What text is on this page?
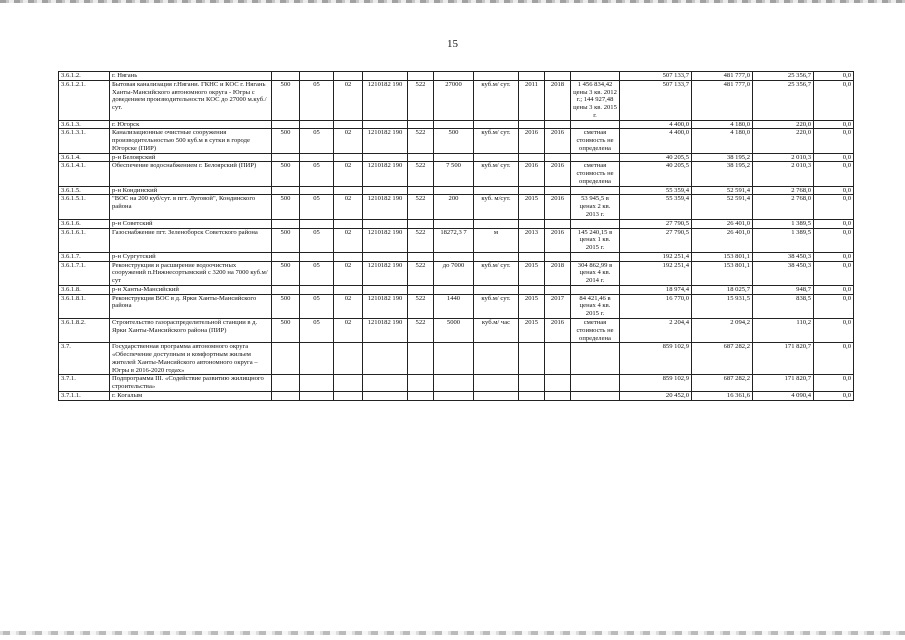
15
3.6.1.2.	г. Нягань											507 133,7	481 777,0	25 356,7	0,0
3.6.1.2.1.	Бытовая канализация г.Нягани. ГКНС и КОС г. Нягань Ханты-Мансийского автономного округа - Югры с доведением производительности КОС до 27000 м.куб./сут.	500	05	02	1210182 190	522	27000	куб.м/ сут.	2011	2018	1 456 834,42 цены 3 кв. 2012 г.; 144 927,48 цены 3 кв. 2015 г.	507 133,7	481 777,0	25 356,7	0,0
3.6.1.3.	г. Югорск											4 400,0	4 180,0	220,0	0,0
3.6.1.3.1.	Канализационные очистные сооружения производительностью 500 куб.м в сутки в городе Югорске (ПИР)	500	05	02	1210182 190	522	500	куб.м/ сут.	2016	2016	сметная стоимость не определена	4 400,0	4 180,0	220,0	0,0
3.6.1.4.	р-н Белоярский											40 205,5	38 195,2	2 010,3	0,0
3.6.1.4.1.	Обеспечение водоснабжением г. Белоярский (ПИР)	500	05	02	1210182 190	522	7 500	куб.м/ сут.	2016	2016	сметная стоимость не определена	40 205,5	38 195,2	2 010,3	0,0
3.6.1.5.	р-н Кондинский											55 359,4	52 591,4	2 768,0	0,0
3.6.1.5.1.	"ВОС на 200 куб/сут. в пгт. Луговой", Кондинского района	500	05	02	1210182 190	522	200	куб. м/сут.	2015	2016	53 945,5 в ценах 2 кв. 2013 г.	55 359,4	52 591,4	2 768,0	0,0
3.6.1.6.	р-н Советский											27 790,5	26 401,0	1 389,5	0,0
3.6.1.6.1.	Газоснабжение пгт. Зеленоборск Советского района	500	05	02	1210182 190	522	18272,3 7	м	2013	2016	145 240,15 в ценах 1 кв. 2015 г.	27 790,5	26 401,0	1 389,5	0,0
3.6.1.7.	р-н Сургутский											192 251,4	153 801,1	38 450,3	0,0
3.6.1.7.1.	Реконструкция и расширение водоочистных сооружений п.Нижнесортымский с 3200 на 7000 куб.м/сут	500	05	02	1210182 190	522	до 7000	куб.м/ сут.	2015	2018	304 862,99 в ценах 4 кв. 2014 г.	192 251,4	153 801,1	38 450,3	0,0
3.6.1.8.	р-н Ханты-Мансийский											18 974,4	18 025,7	948,7	0,0
3.6.1.8.1.	Реконструкция ВОС в д. Ярки Ханты-Мансийского района	500	05	02	1210182 190	522	1440	куб.м/ сут.	2015	2017	84 421,46 в ценах 4 кв. 2015 г.	16 770,0	15 931,5	838,5	0,0
3.6.1.8.2.	Строительство газораспределительной станции в д. Ярки Ханты-Мансийского района (ПИР)	500	05	02	1210182 190	522	5000	куб.м/ час	2015	2016	сметная стоимость не определена	2 204,4	2 094,2	110,2	0,0
3.7.	Государственная программа автономного округа «Обеспечение доступным и комфортным жильем жителей Ханты-Мансийского автономного округа – Югры в 2016-2020 годах»											859 102,9	687 282,2	171 820,7	0,0
3.7.1.	Подпрограмма III. «Содействие развитию жилищного строительства»											859 102,9	687 282,2	171 820,7	0,0
3.7.1.1.	г. Когалым											20 452,0	16 361,6	4 090,4	0,0
